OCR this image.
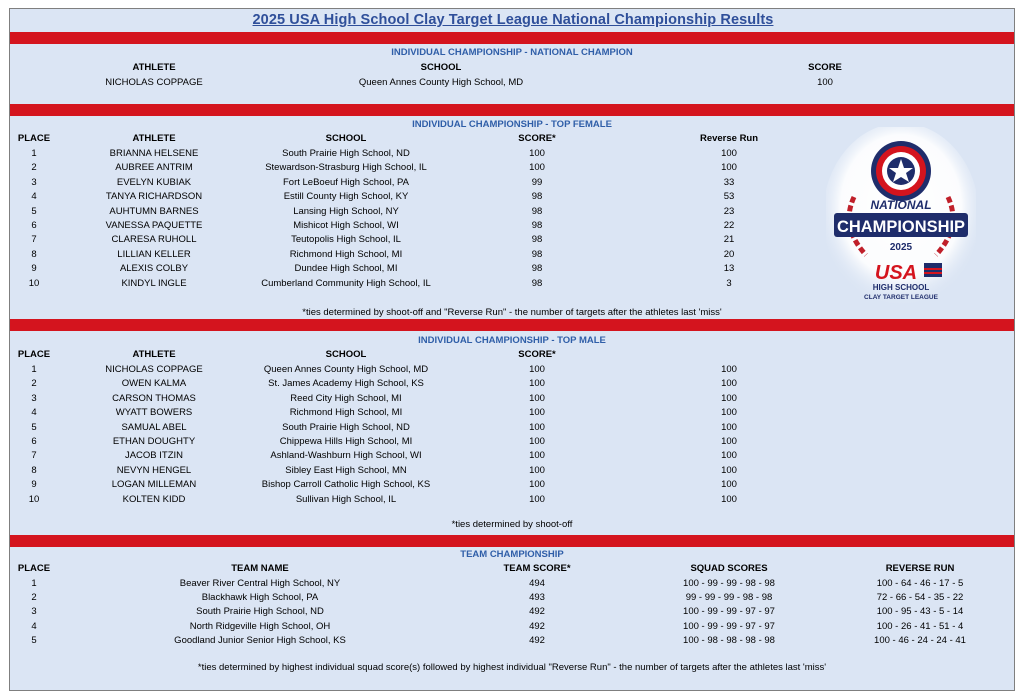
2025 USA High School Clay Target League National Championship Results
INDIVIDUAL CHAMPIONSHIP - NATIONAL CHAMPION
ATHLETE	SCHOOL	SCORE
NICHOLAS COPPAGE	Queen Annes County High School, MD	100
INDIVIDUAL CHAMPIONSHIP - TOP FEMALE
PLACE	ATHLETE	SCHOOL	SCORE*	Reverse Run
1	BRIANNA HELSENE	South Prairie High School, ND	100	100
2	AUBREE ANTRIM	Stewardson-Strasburg High School, IL	100	100
3	EVELYN KUBIAK	Fort LeBoeuf High School, PA	99	33
4	TANYA RICHARDSON	Estill County High School, KY	98	53
5	AUHTUMN BARNES	Lansing High School, NY	98	23
6	VANESSA PAQUETTE	Mishicot High School, WI	98	22
7	CLARESA RUHOLL	Teutopolis High School, IL	98	21
8	LILLIAN KELLER	Richmond High School, MI	98	20
9	ALEXIS COLBY	Dundee High School, MI	98	13
10	KINDYL INGLE	Cumberland Community High School, IL	98	3
*ties determined by shoot-off and "Reverse Run" - the number of targets after the athletes last 'miss'
NATIONAL
CHAMPIONSHIP
2025
USA
HIGH SCHOOL
CLAY TARGET LEAGUE
INDIVIDUAL CHAMPIONSHIP - TOP MALE
PLACE	ATHLETE	SCHOOL	SCORE*
1	NICHOLAS COPPAGE	Queen Annes County High School, MD	100	100
2	OWEN KALMA	St. James Academy High School, KS	100	100
3	CARSON THOMAS	Reed City High School, MI	100	100
4	WYATT BOWERS	Richmond High School, MI	100	100
5	SAMUAL ABEL	South Prairie High School, ND	100	100
6	ETHAN DOUGHTY	Chippewa Hills High School, MI	100	100
7	JACOB ITZIN	Ashland-Washburn High School, WI	100	100
8	NEVYN HENGEL	Sibley East High School, MN	100	100
9	LOGAN MILLEMAN	Bishop Carroll Catholic High School, KS	100	100
10	KOLTEN KIDD	Sullivan High School, IL	100	100
*ties determined by shoot-off
TEAM CHAMPIONSHIP
PLACE	TEAM NAME	TEAM SCORE*	SQUAD SCORES	REVERSE RUN
1	Beaver River Central High School, NY	494	100 - 99 - 99 - 98 - 98	100 - 64 - 46 - 17 - 5
2	Blackhawk High School, PA	493	99 - 99 - 99 - 98 - 98	72 - 66 - 54 - 35 - 22
3	South Prairie High School, ND	492	100 - 99 - 99 - 97 - 97	100 - 95 - 43 - 5 - 14
4	North Ridgeville High School, OH	492	100 - 99 - 99 - 97 - 97	100 - 26 - 41 - 51 - 4
5	Goodland Junior Senior High School, KS	492	100 - 98 - 98 - 98 - 98	100 - 46 - 24 - 24 - 41
*ties determined by highest individual squad score(s) followed by highest individual "Reverse Run" - the number of targets after the athletes last 'miss'
